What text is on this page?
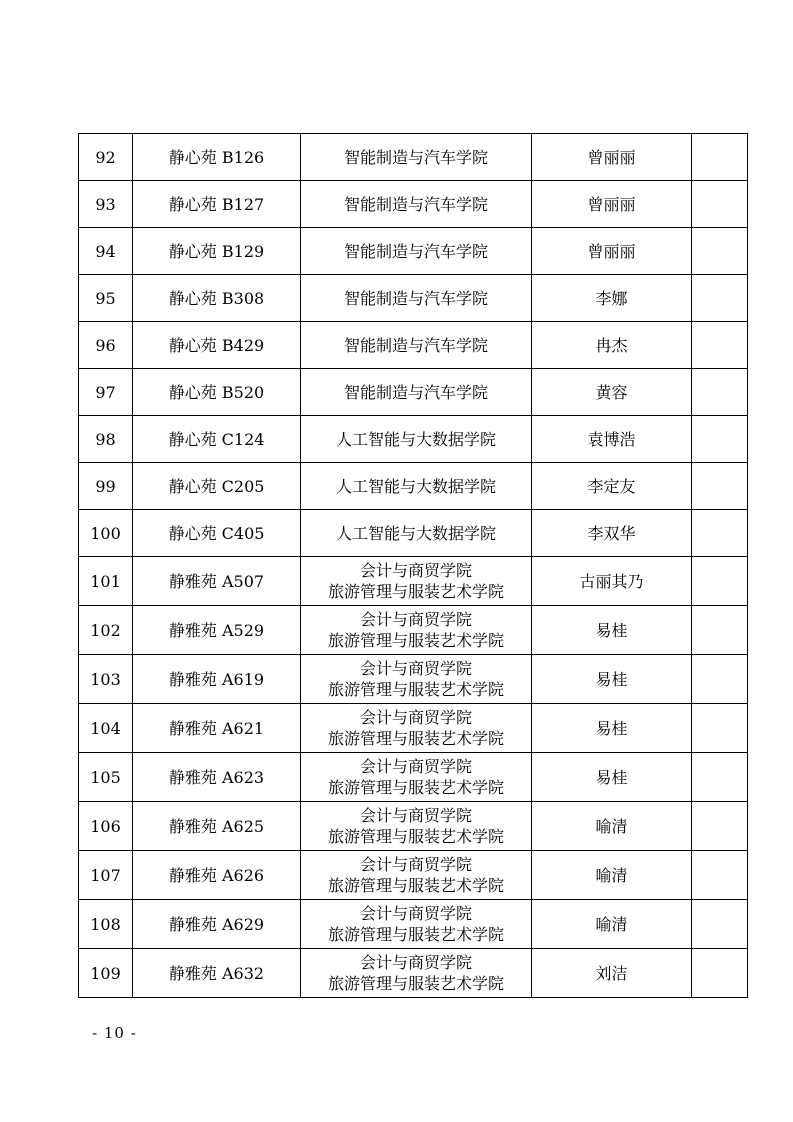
92	静心苑 B126	智能制造与汽车学院	曾丽丽	
93	静心苑 B127	智能制造与汽车学院	曾丽丽	
94	静心苑 B129	智能制造与汽车学院	曾丽丽	
95	静心苑 B308	智能制造与汽车学院	李娜	
96	静心苑 B429	智能制造与汽车学院	冉杰	
97	静心苑 B520	智能制造与汽车学院	黄容	
98	静心苑 C124	人工智能与大数据学院	袁博浩	
99	静心苑 C205	人工智能与大数据学院	李定友	
100	静心苑 C405	人工智能与大数据学院	李双华	
101	静雅苑 A507	会计与商贸学院
旅游管理与服装艺术学院	古丽其乃	
102	静雅苑 A529	会计与商贸学院
旅游管理与服装艺术学院	易桂	
103	静雅苑 A619	会计与商贸学院
旅游管理与服装艺术学院	易桂	
104	静雅苑 A621	会计与商贸学院
旅游管理与服装艺术学院	易桂	
105	静雅苑 A623	会计与商贸学院
旅游管理与服装艺术学院	易桂	
106	静雅苑 A625	会计与商贸学院
旅游管理与服装艺术学院	喻清	
107	静雅苑 A626	会计与商贸学院
旅游管理与服装艺术学院	喻清	
108	静雅苑 A629	会计与商贸学院
旅游管理与服装艺术学院	喻清	
109	静雅苑 A632	会计与商贸学院
旅游管理与服装艺术学院	刘洁	
- 10 -
